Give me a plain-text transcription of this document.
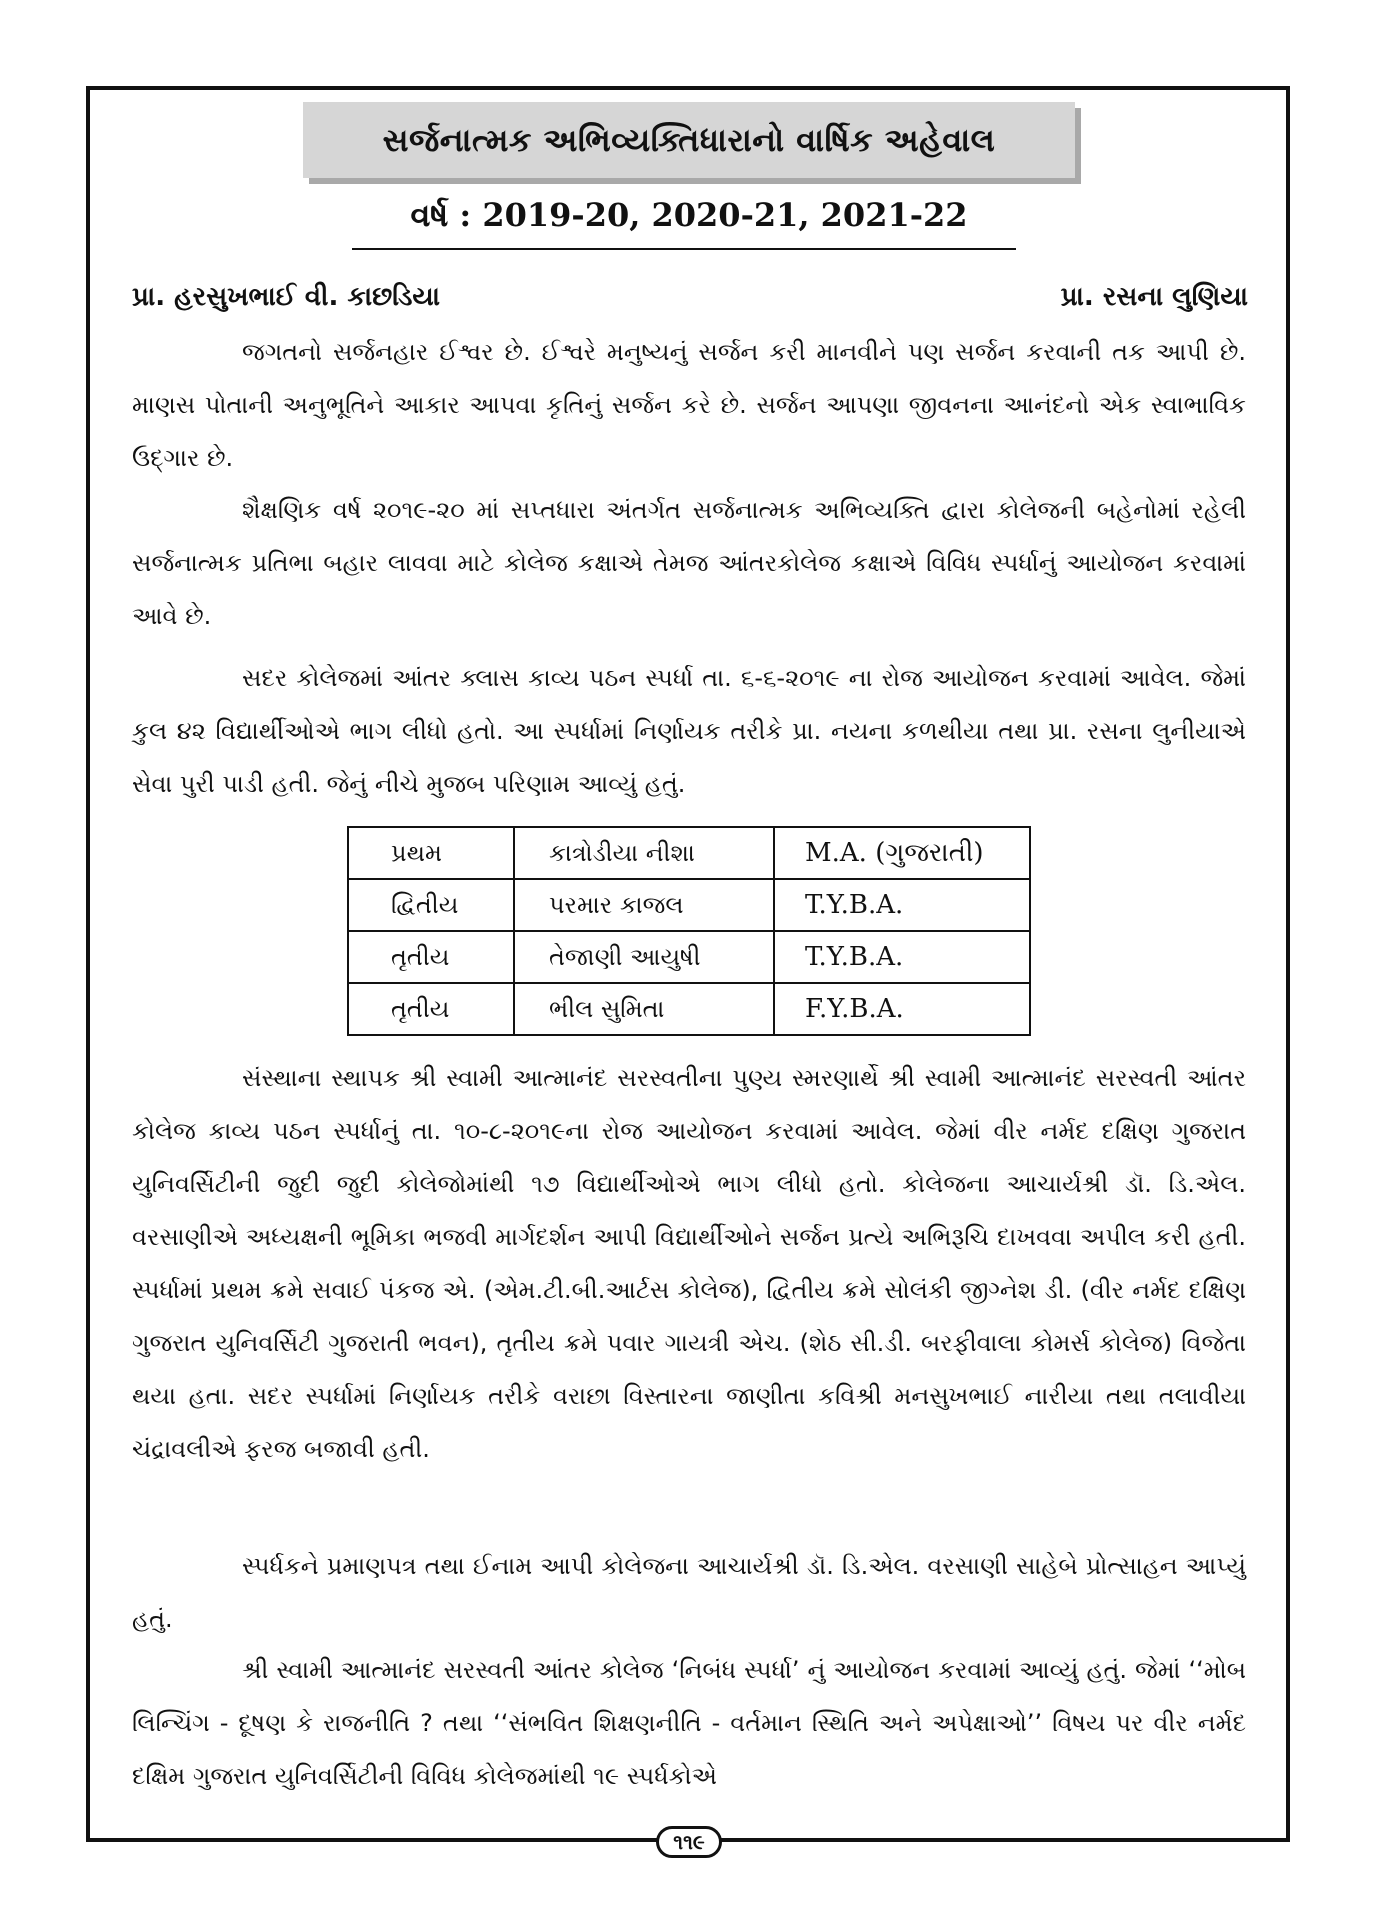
સર્જનાત્મક અભિવ્યક્તિધારાનો વાર્ષિક અહેવાલ
વર્ષ : 2019-20, 2020-21, 2021-22
પ્રા. હરસુખભાઈ વી. કાછડિયા	પ્રા. રસના લુણિયા

જગતનો સર્જનહાર ઈશ્વર છે. ઈશ્વરે મનુષ્યનું સર્જન કરી માનવીને પણ સર્જન કરવાની તક આપી છે. માણસ પોતાની અનુભૂતિને આકાર આપવા કૃતિનું સર્જન કરે છે. સર્જન આપણા જીવનના આનંદનો એક સ્વાભાવિક ઉદ્‌ગાર છે.

શૈક્ષણિક વર્ષ ૨૦૧૯-૨૦ માં સપ્તધારા અંતર્ગત સર્જનાત્મક અભિવ્યક્તિ દ્વારા કોલેજની બહેનોમાં રહેલી સર્જનાત્મક પ્રતિભા બહાર લાવવા માટે કોલેજ કક્ષાએ તેમજ આંતરકોલેજ કક્ષાએ વિવિધ સ્પર્ધાનું આયોજન કરવામાં આવે છે.

સદર કોલેજમાં આંતર ક્લાસ કાવ્ય પઠન સ્પર્ધા તા. ૬-૬-૨૦૧૯ ના રોજ આયોજન કરવામાં આવેલ. જેમાં કુલ ૪૨ વિદ્યાર્થીઓએ ભાગ લીધો હતો. આ સ્પર્ધામાં નિર્ણાયક તરીકે પ્રા. નયના કળથીયા તથા પ્રા. રસના લુનીયાએ સેવા પુરી પાડી હતી. જેનું નીચે મુજબ પરિણામ આવ્યું હતું.

પ્રથમ	કાત્રોડીયા નીશા	M.A. (ગુજરાતી)
દ્વિતીય	પરમાર કાજલ	T.Y.B.A.
તૃતીય	તેજાણી આયુષી	T.Y.B.A.
તૃતીય	ભીલ સુમિતા	F.Y.B.A.

સંસ્થાના સ્થાપક શ્રી સ્વામી આત્માનંદ સરસ્વતીના પુણ્ય સ્મરણાર્થે શ્રી સ્વામી આત્માનંદ સરસ્વતી આંતર કોલેજ કાવ્ય પઠન સ્પર્ધાનું તા. ૧૦-૮-૨૦૧૯ના રોજ આયોજન કરવામાં આવેલ. જેમાં વીર નર્મદ દક્ષિણ ગુજરાત યુનિવર્સિટીની જુદી જુદી કોલેજોમાંથી ૧૭ વિદ્યાર્થીઓએ ભાગ લીધો હતો. કોલેજના આચાર્યશ્રી ડૉ. ડિ.એલ. વરસાણીએ અધ્યક્ષની ભૂમિકા ભજવી માર્ગદર્શન આપી વિદ્યાર્થીઓને સર્જન પ્રત્યે અભિરૂચિ દાખવવા અપીલ કરી હતી. સ્પર્ધામાં પ્રથમ ક્રમે સવાઈ પંકજ એ. (એમ.ટી.બી.આર્ટસ કોલેજ), દ્વિતીય ક્રમે સોલંકી જીગ્નેશ ડી. (વીર નર્મદ દક્ષિણ ગુજરાત યુનિવર્સિટી ગુજરાતી ભવન), તૃતીય ક્રમે પવાર ગાયત્રી એચ. (શેઠ સી.ડી. બરફીવાલા કોમર્સ કોલેજ) વિજેતા થયા હતા. સદર સ્પર્ધામાં નિર્ણાયક તરીકે વરાછા વિસ્તારના જાણીતા કવિશ્રી મનસુખભાઈ નારીયા તથા તલાવીયા ચંદ્રાવલીએ ફરજ બજાવી હતી.

સ્પર્ધકને પ્રમાણપત્ર તથા ઈનામ આપી કોલેજના આચાર્યશ્રી ડૉ. ડિ.એલ. વરસાણી સાહેબે પ્રોત્સાહન આપ્યું હતું.

શ્રી સ્વામી આત્માનંદ સરસ્વતી આંતર કોલેજ ‘નિબંધ સ્પર્ધા’ નું આયોજન કરવામાં આવ્યું હતું. જેમાં ‘‘મોબ લિન્ચિંગ - દૂષણ કે રાજનીતિ ? તથા ‘‘સંભવિત શિક્ષણનીતિ - વર્તમાન સ્થિતિ અને અપેક્ષાઓ’’ વિષય પર વીર નર્મદ દક્ષિમ ગુજરાત યુનિવર્સિટીની વિવિધ કોલેજમાંથી ૧૯ સ્પર્ધકોએ

૧૧૯
